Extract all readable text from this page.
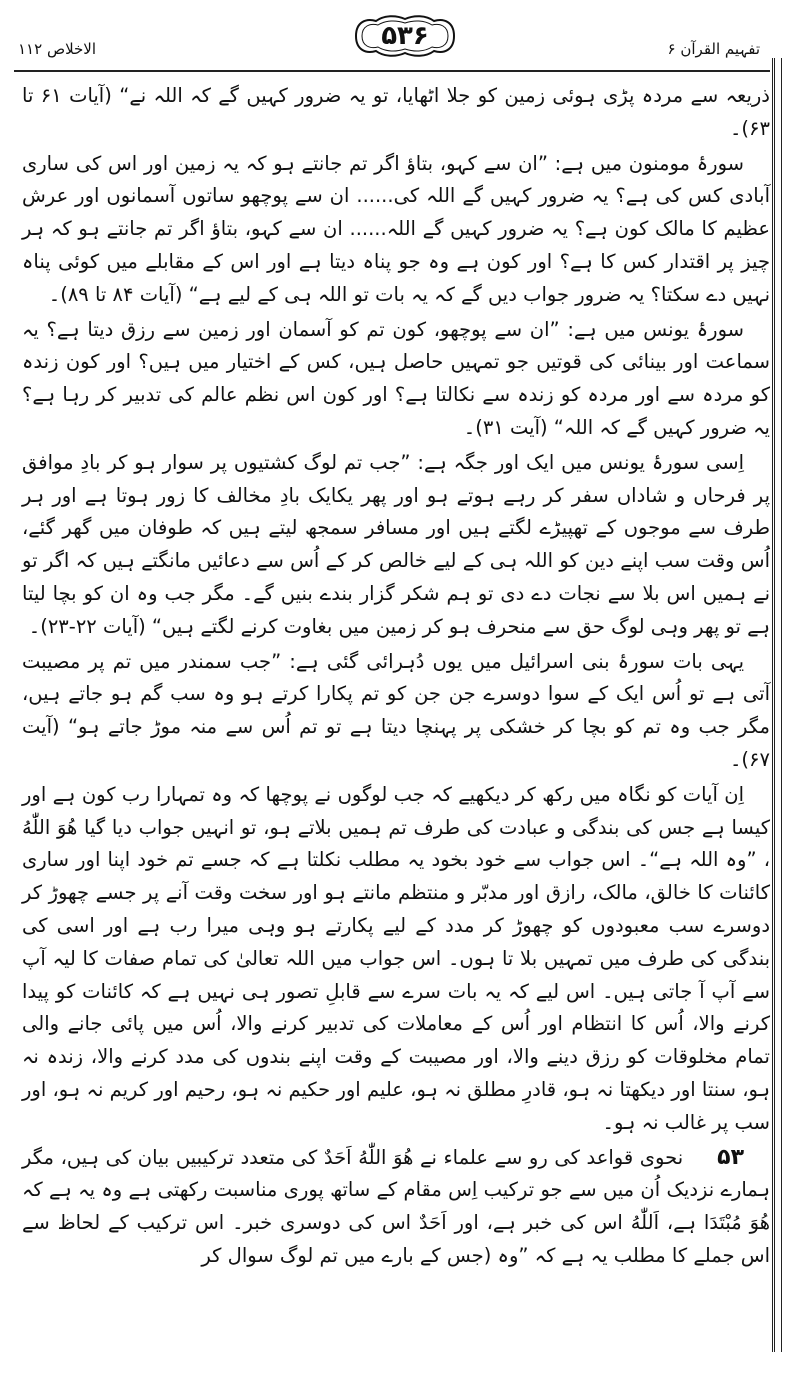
الاخلاص ۱۱۲	۵۳۶	تفہیم القرآن ۶

ذریعہ سے مردہ پڑی ہوئی زمین کو جلا اٹھایا، تو یہ ضرور کہیں گے کہ اللہ نے“ (آیات ۶۱ تا ۶۳)۔

سورۂ مومنون میں ہے: ”ان سے کہو، بتاؤ اگر تم جانتے ہو کہ یہ زمین اور اس کی ساری آبادی کس کی ہے؟ یہ ضرور کہیں گے اللہ کی...... ان سے پوچھو ساتوں آسمانوں اور عرش عظیم کا مالک کون ہے؟ یہ ضرور کہیں گے اللہ...... ان سے کہو، بتاؤ اگر تم جانتے ہو کہ ہر چیز پر اقتدار کس کا ہے؟ اور کون ہے وہ جو پناہ دیتا ہے اور اس کے مقابلے میں کوئی پناہ نہیں دے سکتا؟ یہ ضرور جواب دیں گے کہ یہ بات تو اللہ ہی کے لیے ہے“ (آیات ۸۴ تا ۸۹)۔

سورۂ یونس میں ہے: ”ان سے پوچھو، کون تم کو آسمان اور زمین سے رزق دیتا ہے؟ یہ سماعت اور بینائی کی قوتیں جو تمہیں حاصل ہیں، کس کے اختیار میں ہیں؟ اور کون زندہ کو مردہ سے اور مردہ کو زندہ سے نکالتا ہے؟ اور کون اس نظم عالم کی تدبیر کر رہا ہے؟ یہ ضرور کہیں گے کہ اللہ“ (آیت ۳۱)۔

اِسی سورۂ یونس میں ایک اور جگہ ہے: ”جب تم لوگ کشتیوں پر سوار ہو کر بادِ موافق پر فرحاں و شاداں سفر کر رہے ہوتے ہو اور پھر یکایک بادِ مخالف کا زور ہوتا ہے اور ہر طرف سے موجوں کے تھپیڑے لگتے ہیں اور مسافر سمجھ لیتے ہیں کہ طوفان میں گھر گئے، اُس وقت سب اپنے دین کو اللہ ہی کے لیے خالص کر کے اُس سے دعائیں مانگتے ہیں کہ اگر تو نے ہمیں اس بلا سے نجات دے دی تو ہم شکر گزار بندے بنیں گے۔ مگر جب وہ ان کو بچا لیتا ہے تو پھر وہی لوگ حق سے منحرف ہو کر زمین میں بغاوت کرنے لگتے ہیں“ (آیات ۲۲-۲۳)۔

یہی بات سورۂ بنی اسرائیل میں یوں دُہرائی گئی ہے: ”جب سمندر میں تم پر مصیبت آتی ہے تو اُس ایک کے سوا دوسرے جن جن کو تم پکارا کرتے ہو وہ سب گم ہو جاتے ہیں، مگر جب وہ تم کو بچا کر خشکی پر پہنچا دیتا ہے تو تم اُس سے منہ موڑ جاتے ہو“ (آیت ۶۷)۔

اِن آیات کو نگاہ میں رکھ کر دیکھیے کہ جب لوگوں نے پوچھا کہ وہ تمہارا رب کون ہے اور کیسا ہے جس کی بندگی و عبادت کی طرف تم ہمیں بلاتے ہو، تو انہیں جواب دیا گیا هُوَ اللّٰهُ ، ”وہ اللہ ہے“۔ اس جواب سے خود بخود یہ مطلب نکلتا ہے کہ جسے تم خود اپنا اور ساری کائنات کا خالق، مالک، رازق اور مدبّر و منتظم مانتے ہو اور سخت وقت آنے پر جسے چھوڑ کر دوسرے سب معبودوں کو چھوڑ کر مدد کے لیے پکارتے ہو وہی میرا رب ہے اور اسی کی بندگی کی طرف میں تمہیں بلا تا ہوں۔ اس جواب میں اللہ تعالیٰ کی تمام صفات کا لیہ آپ سے آپ آ جاتی ہیں۔ اس لیے کہ یہ بات سرے سے قابلِ تصور ہی نہیں ہے کہ کائنات کو پیدا کرنے والا، اُس کا انتظام اور اُس کے معاملات کی تدبیر کرنے والا، اُس میں پائی جانے والی تمام مخلوقات کو رزق دینے والا، اور مصیبت کے وقت اپنے بندوں کی مدد کرنے والا، زندہ نہ ہو، سنتا اور دیکھتا نہ ہو، قادرِ مطلق نہ ہو، علیم اور حکیم نہ ہو، رحیم اور کریم نہ ہو، اور سب پر غالب نہ ہو۔

۵۳نحوی قواعد کی رو سے علماء نے هُوَ اللّٰهُ اَحَدٌ کی متعدد ترکیبیں بیان کی ہیں، مگر ہمارے نزدیک اُن میں سے جو ترکیب اِس مقام کے ساتھ پوری مناسبت رکھتی ہے وہ یہ ہے کہ هُوَ مُبْتَدَا ہے، اَللّٰهُ اس کی خبر ہے، اور اَحَدٌ اس کی دوسری خبر۔ اس ترکیب کے لحاظ سے اس جملے کا مطلب یہ ہے کہ ”وہ (جس کے بارے میں تم لوگ سوال کر
